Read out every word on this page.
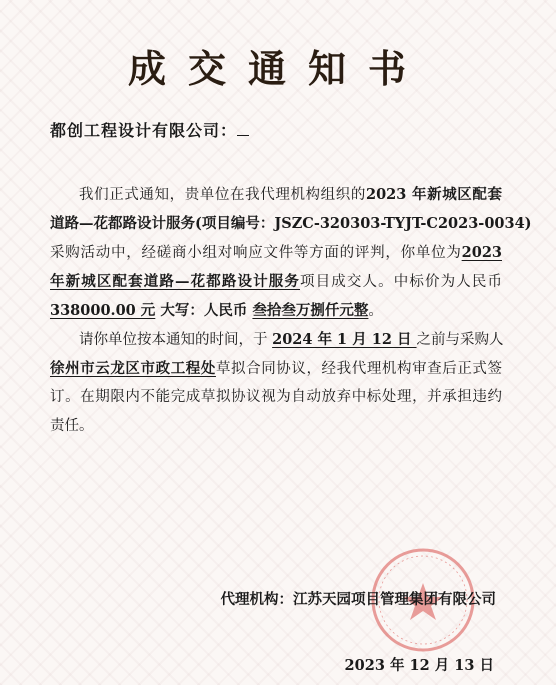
成交通知书
都创工程设计有限公司：
我们正式通知，贵单位在我代理机构组织的2023 年新城区配套
道路—花都路设计服务(项目编号：JSZC-320303-TYJT-C2023-0034)
采购活动中，经磋商小组对响应文件等方面的评判，你单位为2023
年新城区配套道路—花都路设计服务项目成交人。中标价为人民币
338000.00 元 大写：人民币 叁拾叁万捌仟元整。
请你单位按本通知的时间，于 2024 年 1 月 12 日 之前与采购人
徐州市云龙区市政工程处草拟合同协议，经我代理机构审查后正式签
订。在期限内不能完成草拟协议视为自动放弃中标处理，并承担违约
责任。
代理机构：江苏天园项目管理集团有限公司
2023 年 12 月 13 日
